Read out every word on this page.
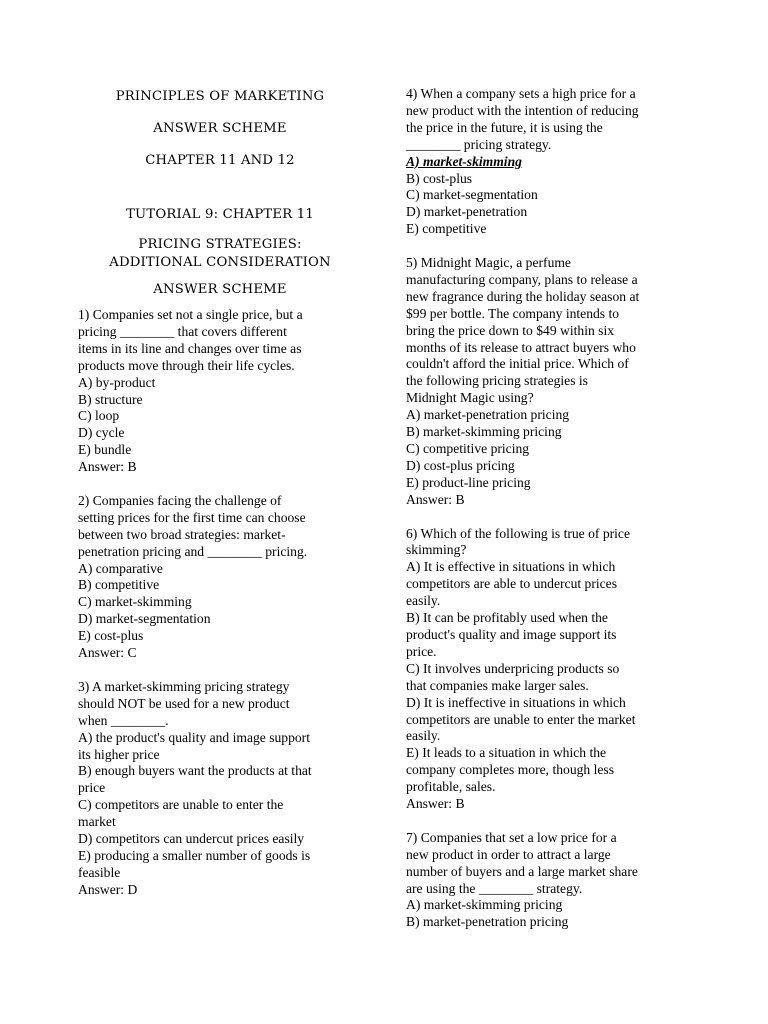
PRINCIPLES OF MARKETING
ANSWER SCHEME
CHAPTER 11 AND 12
TUTORIAL 9: CHAPTER 11
PRICING STRATEGIES:
ADDITIONAL CONSIDERATION
ANSWER SCHEME
1) Companies set not a single price, but a
pricing ________ that covers different
items in its line and changes over time as
products move through their life cycles.
A) by-product
B) structure
C) loop
D) cycle
E) bundle
Answer: B
2) Companies facing the challenge of
setting prices for the first time can choose
between two broad strategies: market-
penetration pricing and ________ pricing.
A) comparative
B) competitive
C) market-skimming
D) market-segmentation
E) cost-plus
Answer: C
3) A market-skimming pricing strategy
should NOT be used for a new product
when ________.
A) the product's quality and image support
its higher price
B) enough buyers want the products at that
price
C) competitors are unable to enter the
market
D) competitors can undercut prices easily
E) producing a smaller number of goods is
feasible
Answer: D
4) When a company sets a high price for a
new product with the intention of reducing
the price in the future, it is using the
________ pricing strategy.
A) market-skimming
B) cost-plus
C) market-segmentation
D) market-penetration
E) competitive
5) Midnight Magic, a perfume
manufacturing company, plans to release a
new fragrance during the holiday season at
$99 per bottle. The company intends to
bring the price down to $49 within six
months of its release to attract buyers who
couldn't afford the initial price. Which of
the following pricing strategies is
Midnight Magic using?
A) market-penetration pricing
B) market-skimming pricing
C) competitive pricing
D) cost-plus pricing
E) product-line pricing
Answer: B
6) Which of the following is true of price
skimming?
A) It is effective in situations in which
competitors are able to undercut prices
easily.
B) It can be profitably used when the
product's quality and image support its
price.
C) It involves underpricing products so
that companies make larger sales.
D) It is ineffective in situations in which
competitors are unable to enter the market
easily.
E) It leads to a situation in which the
company completes more, though less
profitable, sales.
Answer: B
7) Companies that set a low price for a
new product in order to attract a large
number of buyers and a large market share
are using the ________ strategy.
A) market-skimming pricing
B) market-penetration pricing
